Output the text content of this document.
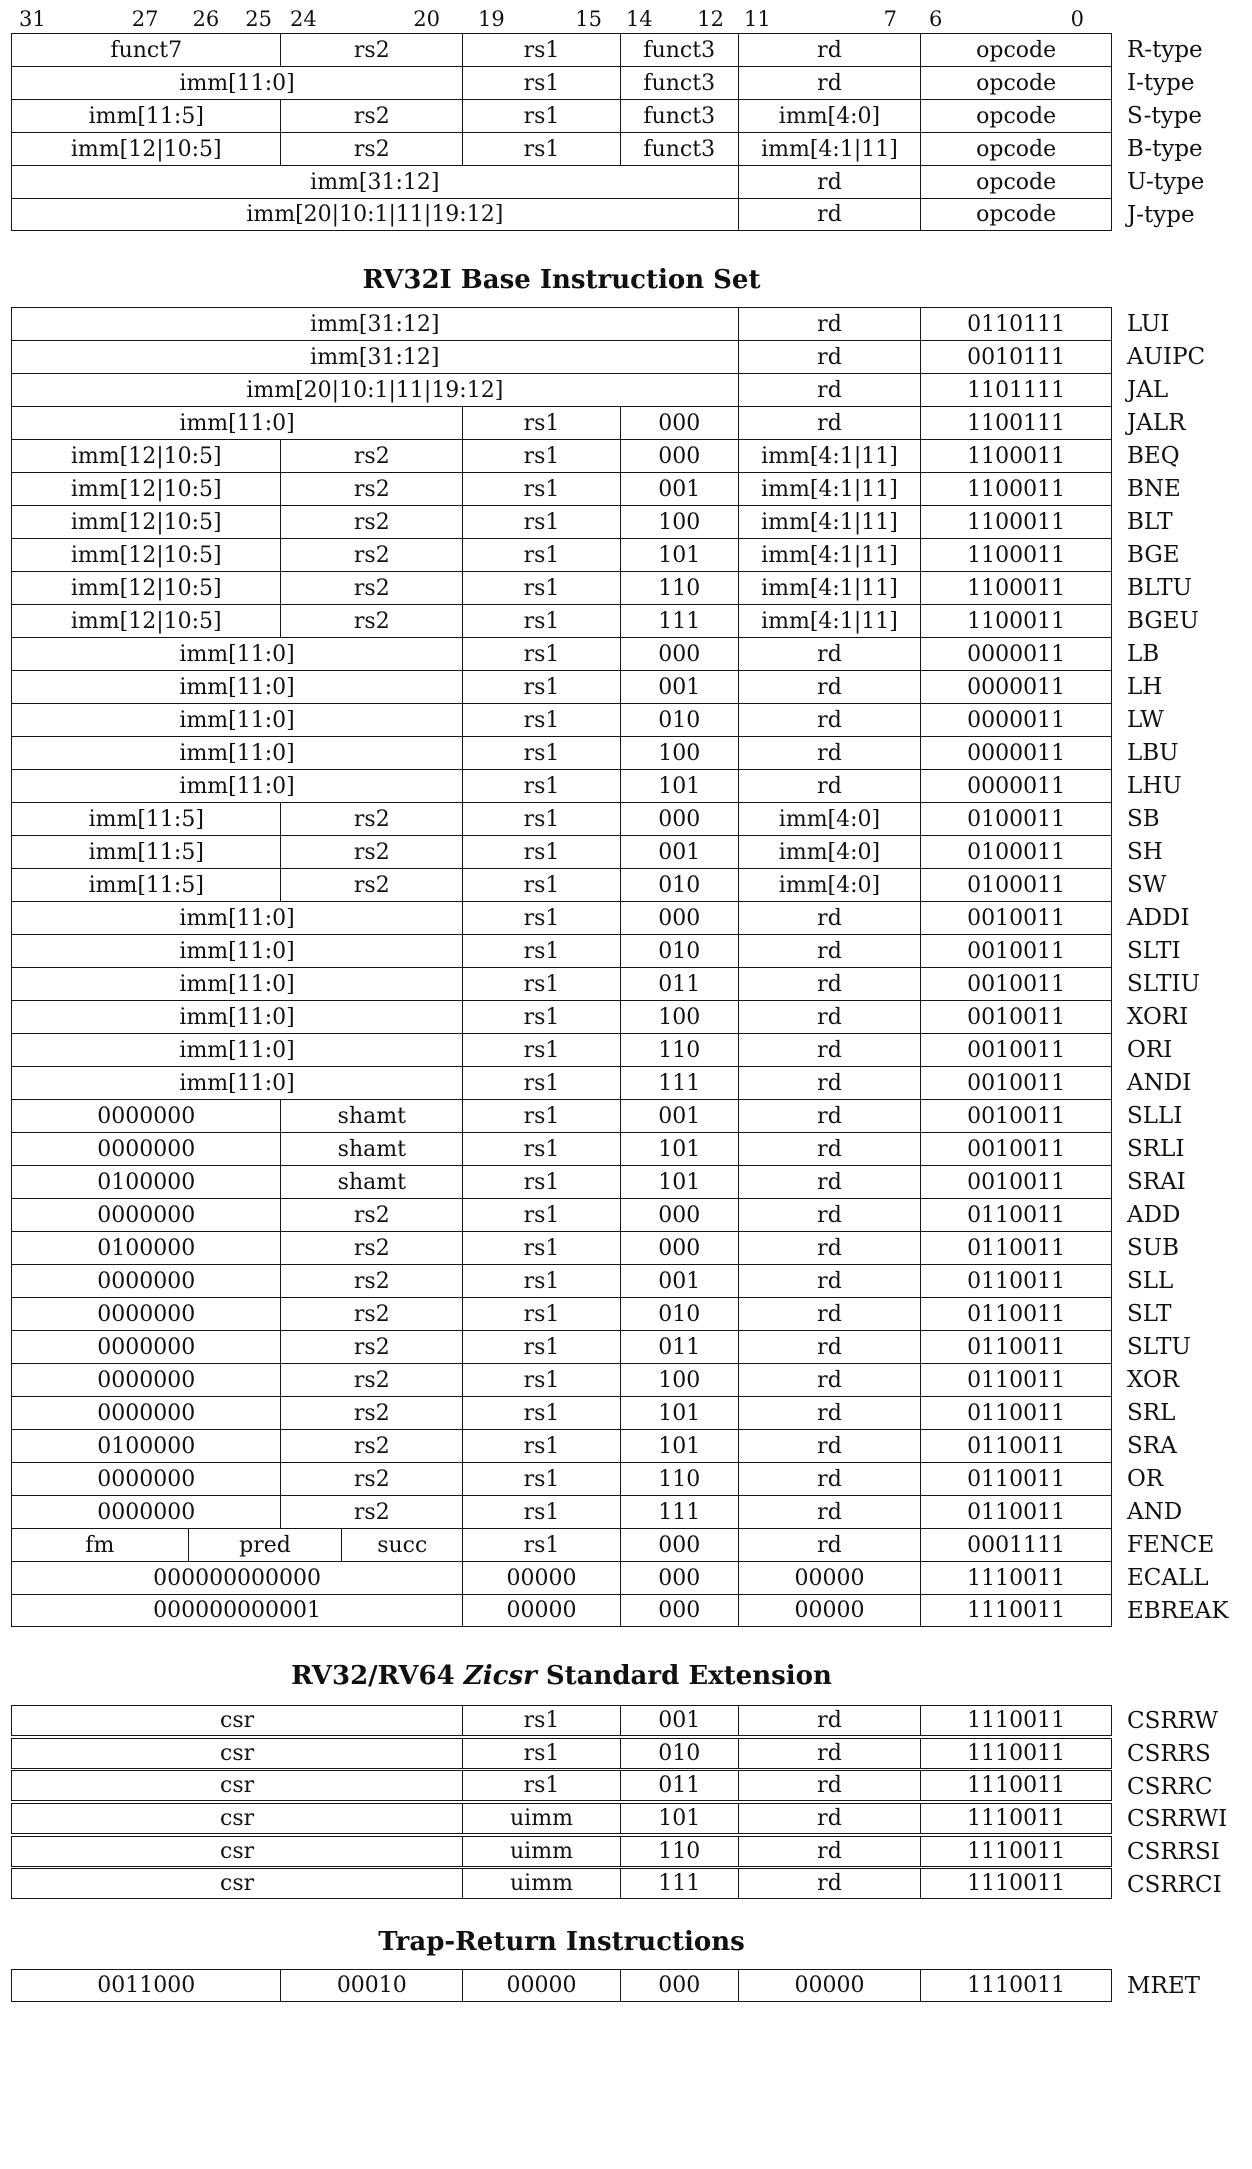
31	27 26 25 24	20	19	15	14 12 11	7	6	0
funct7	rs2	rs1	funct3	rd	opcode	R-type
imm[11:0]	rs1	funct3	rd	opcode	I-type
imm[11:5]	rs2	rs1	funct3	imm[4:0]	opcode	S-type
imm[12|10:5]	rs2	rs1	funct3	imm[4:1|11]	opcode	B-type
imm[31:12]	rd	opcode	U-type
imm[20|10:1|11|19:12]	rd	opcode	J-type
RV32I Base Instruction Set
imm[31:12]	rd	0110111	LUI
imm[31:12]	rd	0010111	AUIPC
imm[20|10:1|11|19:12]	rd	1101111	JAL
imm[11:0]	rs1	000	rd	1100111	JALR
imm[12|10:5]	rs2	rs1	000	imm[4:1|11]	1100011	BEQ
imm[12|10:5]	rs2	rs1	001	imm[4:1|11]	1100011	BNE
imm[12|10:5]	rs2	rs1	100	imm[4:1|11]	1100011	BLT
imm[12|10:5]	rs2	rs1	101	imm[4:1|11]	1100011	BGE
imm[12|10:5]	rs2	rs1	110	imm[4:1|11]	1100011	BLTU
imm[12|10:5]	rs2	rs1	111	imm[4:1|11]	1100011	BGEU
imm[11:0]	rs1	000	rd	0000011	LB
imm[11:0]	rs1	001	rd	0000011	LH
imm[11:0]	rs1	010	rd	0000011	LW
imm[11:0]	rs1	100	rd	0000011	LBU
imm[11:0]	rs1	101	rd	0000011	LHU
imm[11:5]	rs2	rs1	000	imm[4:0]	0100011	SB
imm[11:5]	rs2	rs1	001	imm[4:0]	0100011	SH
imm[11:5]	rs2	rs1	010	imm[4:0]	0100011	SW
imm[11:0]	rs1	000	rd	0010011	ADDI
imm[11:0]	rs1	010	rd	0010011	SLTI
imm[11:0]	rs1	011	rd	0010011	SLTIU
imm[11:0]	rs1	100	rd	0010011	XORI
imm[11:0]	rs1	110	rd	0010011	ORI
imm[11:0]	rs1	111	rd	0010011	ANDI
0000000	shamt	rs1	001	rd	0010011	SLLI
0000000	shamt	rs1	101	rd	0010011	SRLI
0100000	shamt	rs1	101	rd	0010011	SRAI
0000000	rs2	rs1	000	rd	0110011	ADD
0100000	rs2	rs1	000	rd	0110011	SUB
0000000	rs2	rs1	001	rd	0110011	SLL
0000000	rs2	rs1	010	rd	0110011	SLT
0000000	rs2	rs1	011	rd	0110011	SLTU
0000000	rs2	rs1	100	rd	0110011	XOR
0000000	rs2	rs1	101	rd	0110011	SRL
0100000	rs2	rs1	101	rd	0110011	SRA
0000000	rs2	rs1	110	rd	0110011	OR
0000000	rs2	rs1	111	rd	0110011	AND
fm	pred	succ	rs1	000	rd	0001111	FENCE
000000000000	00000	000	00000	1110011	ECALL
000000000001	00000	000	00000	1110011	EBREAK
RV32/RV64 Zicsr Standard Extension
csr	rs1	001	rd	1110011	CSRRW
csr	rs1	010	rd	1110011	CSRRS
csr	rs1	011	rd	1110011	CSRRC
csr	uimm	101	rd	1110011	CSRRWI
csr	uimm	110	rd	1110011	CSRRSI
csr	uimm	111	rd	1110011	CSRRCI
Trap-Return Instructions
0011000	00010	00000	000	00000	1110011	MRET
